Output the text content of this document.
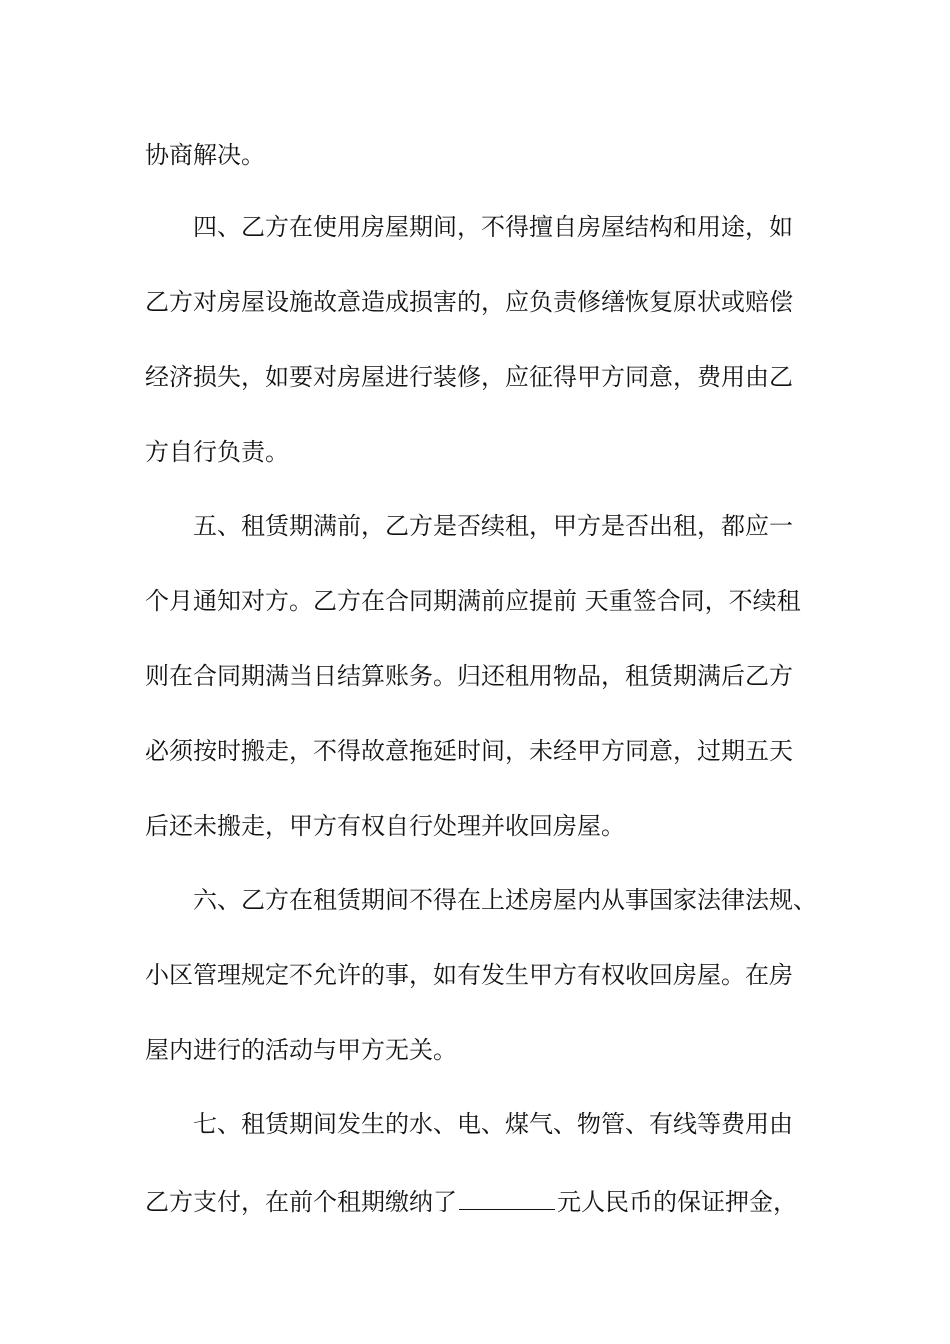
协商解决。
四、乙方在使用房屋期间，不得擅自房屋结构和用途，如
乙方对房屋设施故意造成损害的，应负责修缮恢复原状或赔偿
经济损失，如要对房屋进行装修，应征得甲方同意，费用由乙
方自行负责。
五、租赁期满前，乙方是否续租，甲方是否出租，都应一
个月通知对方。乙方在合同期满前应提前 天重签合同，不续租
则在合同期满当日结算账务。归还租用物品，租赁期满后乙方
必须按时搬走，不得故意拖延时间，未经甲方同意，过期五天
后还未搬走，甲方有权自行处理并收回房屋。
六、乙方在租赁期间不得在上述房屋内从事国家法律法规、
小区管理规定不允许的事，如有发生甲方有权收回房屋。在房
屋内进行的活动与甲方无关。
七、租赁期间发生的水、电、煤气、物管、有线等费用由
乙方支付，在前个租期缴纳了	元人民币的保证押金，
